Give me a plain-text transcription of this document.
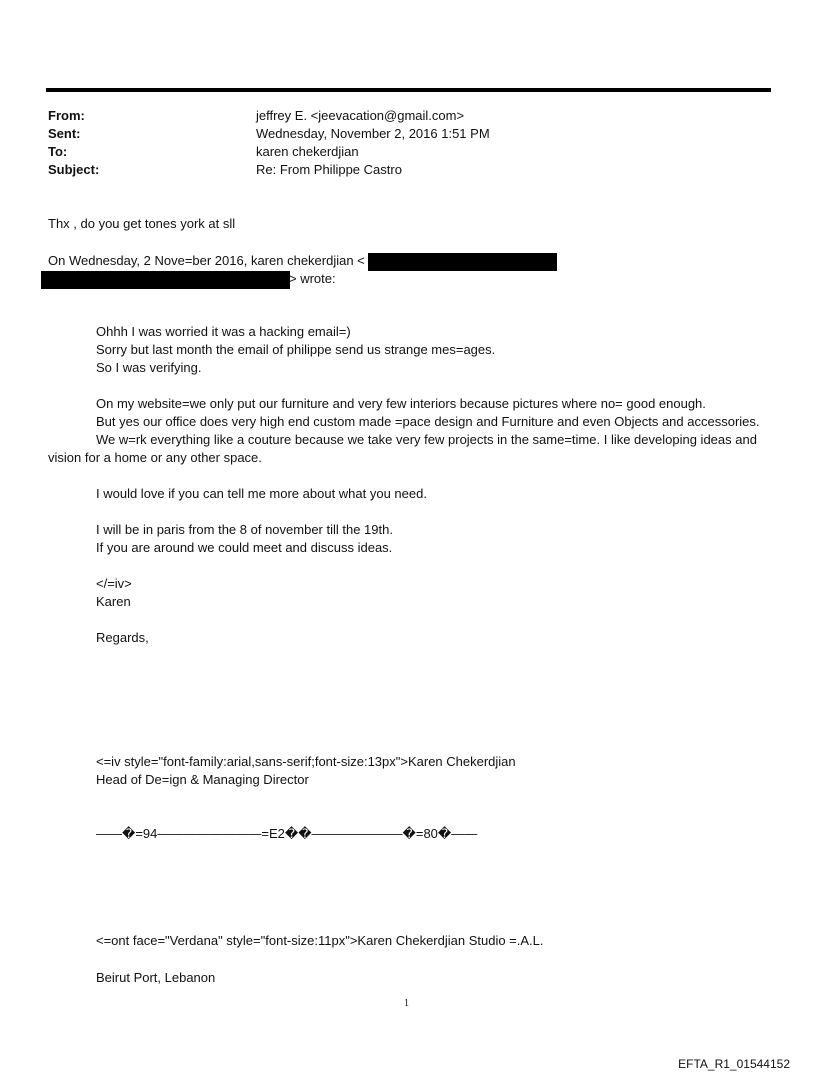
From:	jeffrey E. <jeevacation@gmail.com>
Sent:	Wednesday, November 2, 2016 1:51 PM
To:	karen chekerdjian
Subject:	Re: From Philippe Castro
Thx , do you get tones york at sll
On Wednesday, 2 Nove=ber 2016, karen chekerdjian <
> wrote:
Ohhh I was worried it was a hacking email=)
Sorry but last month the email of philippe send us strange mes=ages.
So I was verifying.

On my website=we only put our furniture and very few interiors because pictures where no= good enough.

But yes our office does very high end custom made =pace design and Furniture and even Objects and accessories.

We w=rk everything like a couture because we take very few projects in the same=time. I like developing ideas and vision for a home or any other space.

I would love if you can tell me more about what you need.
I will be in paris from the 8 of november till the 19th.
If you are around we could meet and discuss ideas.
</=iv>
Karen
Regards,
<=iv style="font-family:arial,sans-serif;font-size:13px">Karen Chekerdjian
Head of De=ign & Managing Director
——�=94————————=E2��———————�=80�——
<=ont face="Verdana" style="font-size:11px">Karen Chekerdjian Studio =.A.L.
Beirut Port, Lebanon
1
EFTA_R1_01544152
